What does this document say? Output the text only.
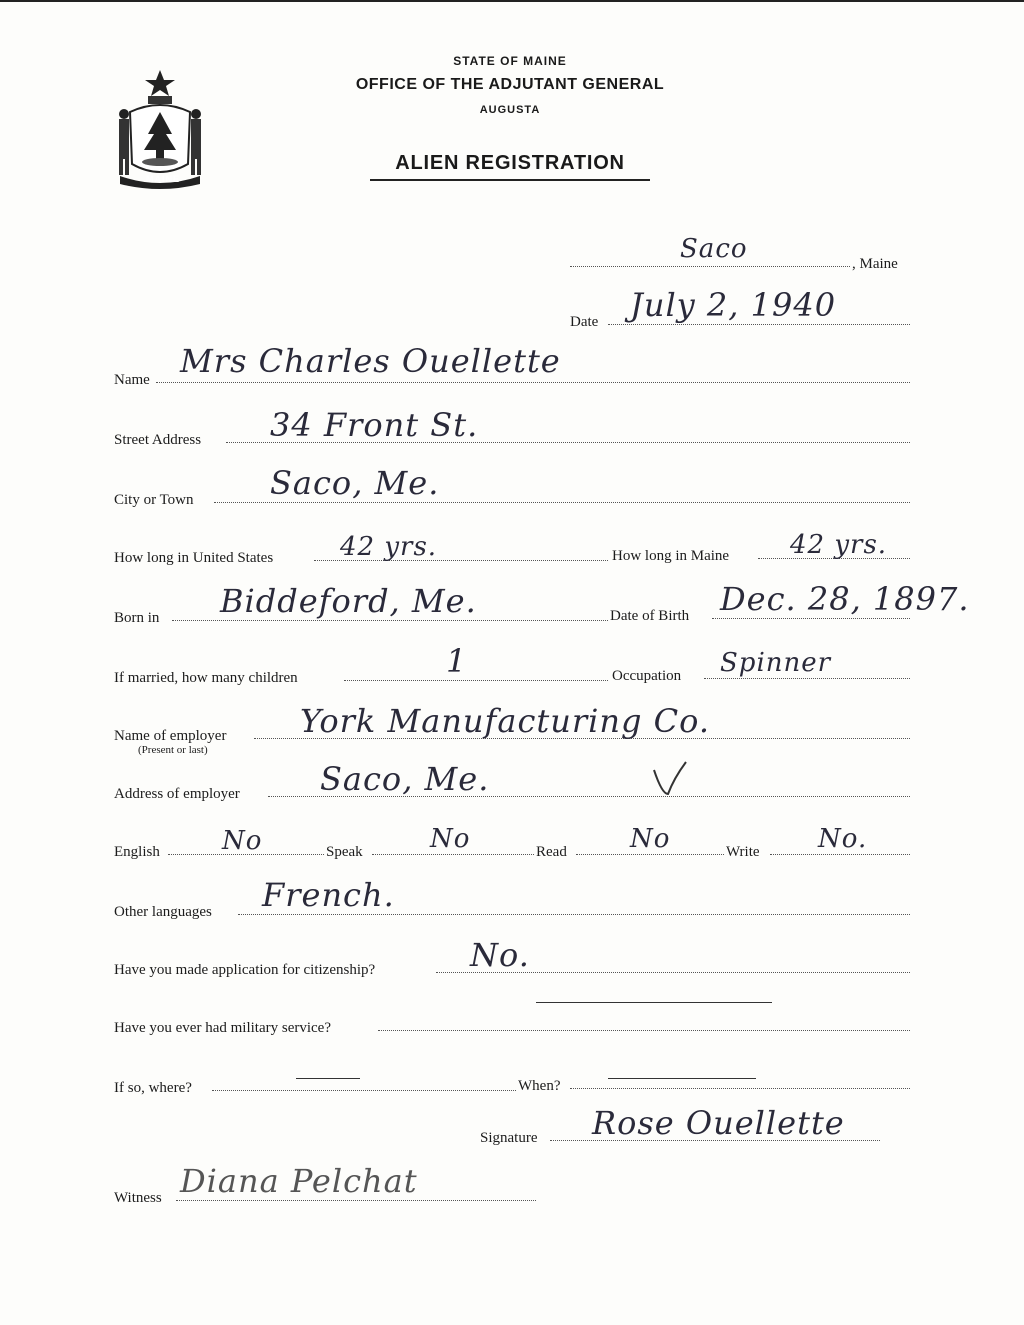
MAINE
STATE OF MAINE
OFFICE OF THE ADJUTANT GENERAL
AUGUSTA
ALIEN REGISTRATION
Saco	, Maine
Date July 2, 1940
Name Mrs Charles Ouellette
Street Address 34 Front St.
City or Town Saco, Me.
How long in United States	42 yrs.	How long in Maine 42 yrs.
Born in Biddeford, Me.	Date of Birth Dec. 28, 1897.
If married, how many children	1	Occupation Spinner
Name of employer
(Present or last)
York Manufacturing Co.
Address of employer	Saco, Me.
English No	Speak	No	Read No	Write No.
Other languages French.
Have you made application for citizenship?	No.
Have you ever had military service?
If so, where?	When?
Signature Rose Ouellette
Witness Diana Pelchat
